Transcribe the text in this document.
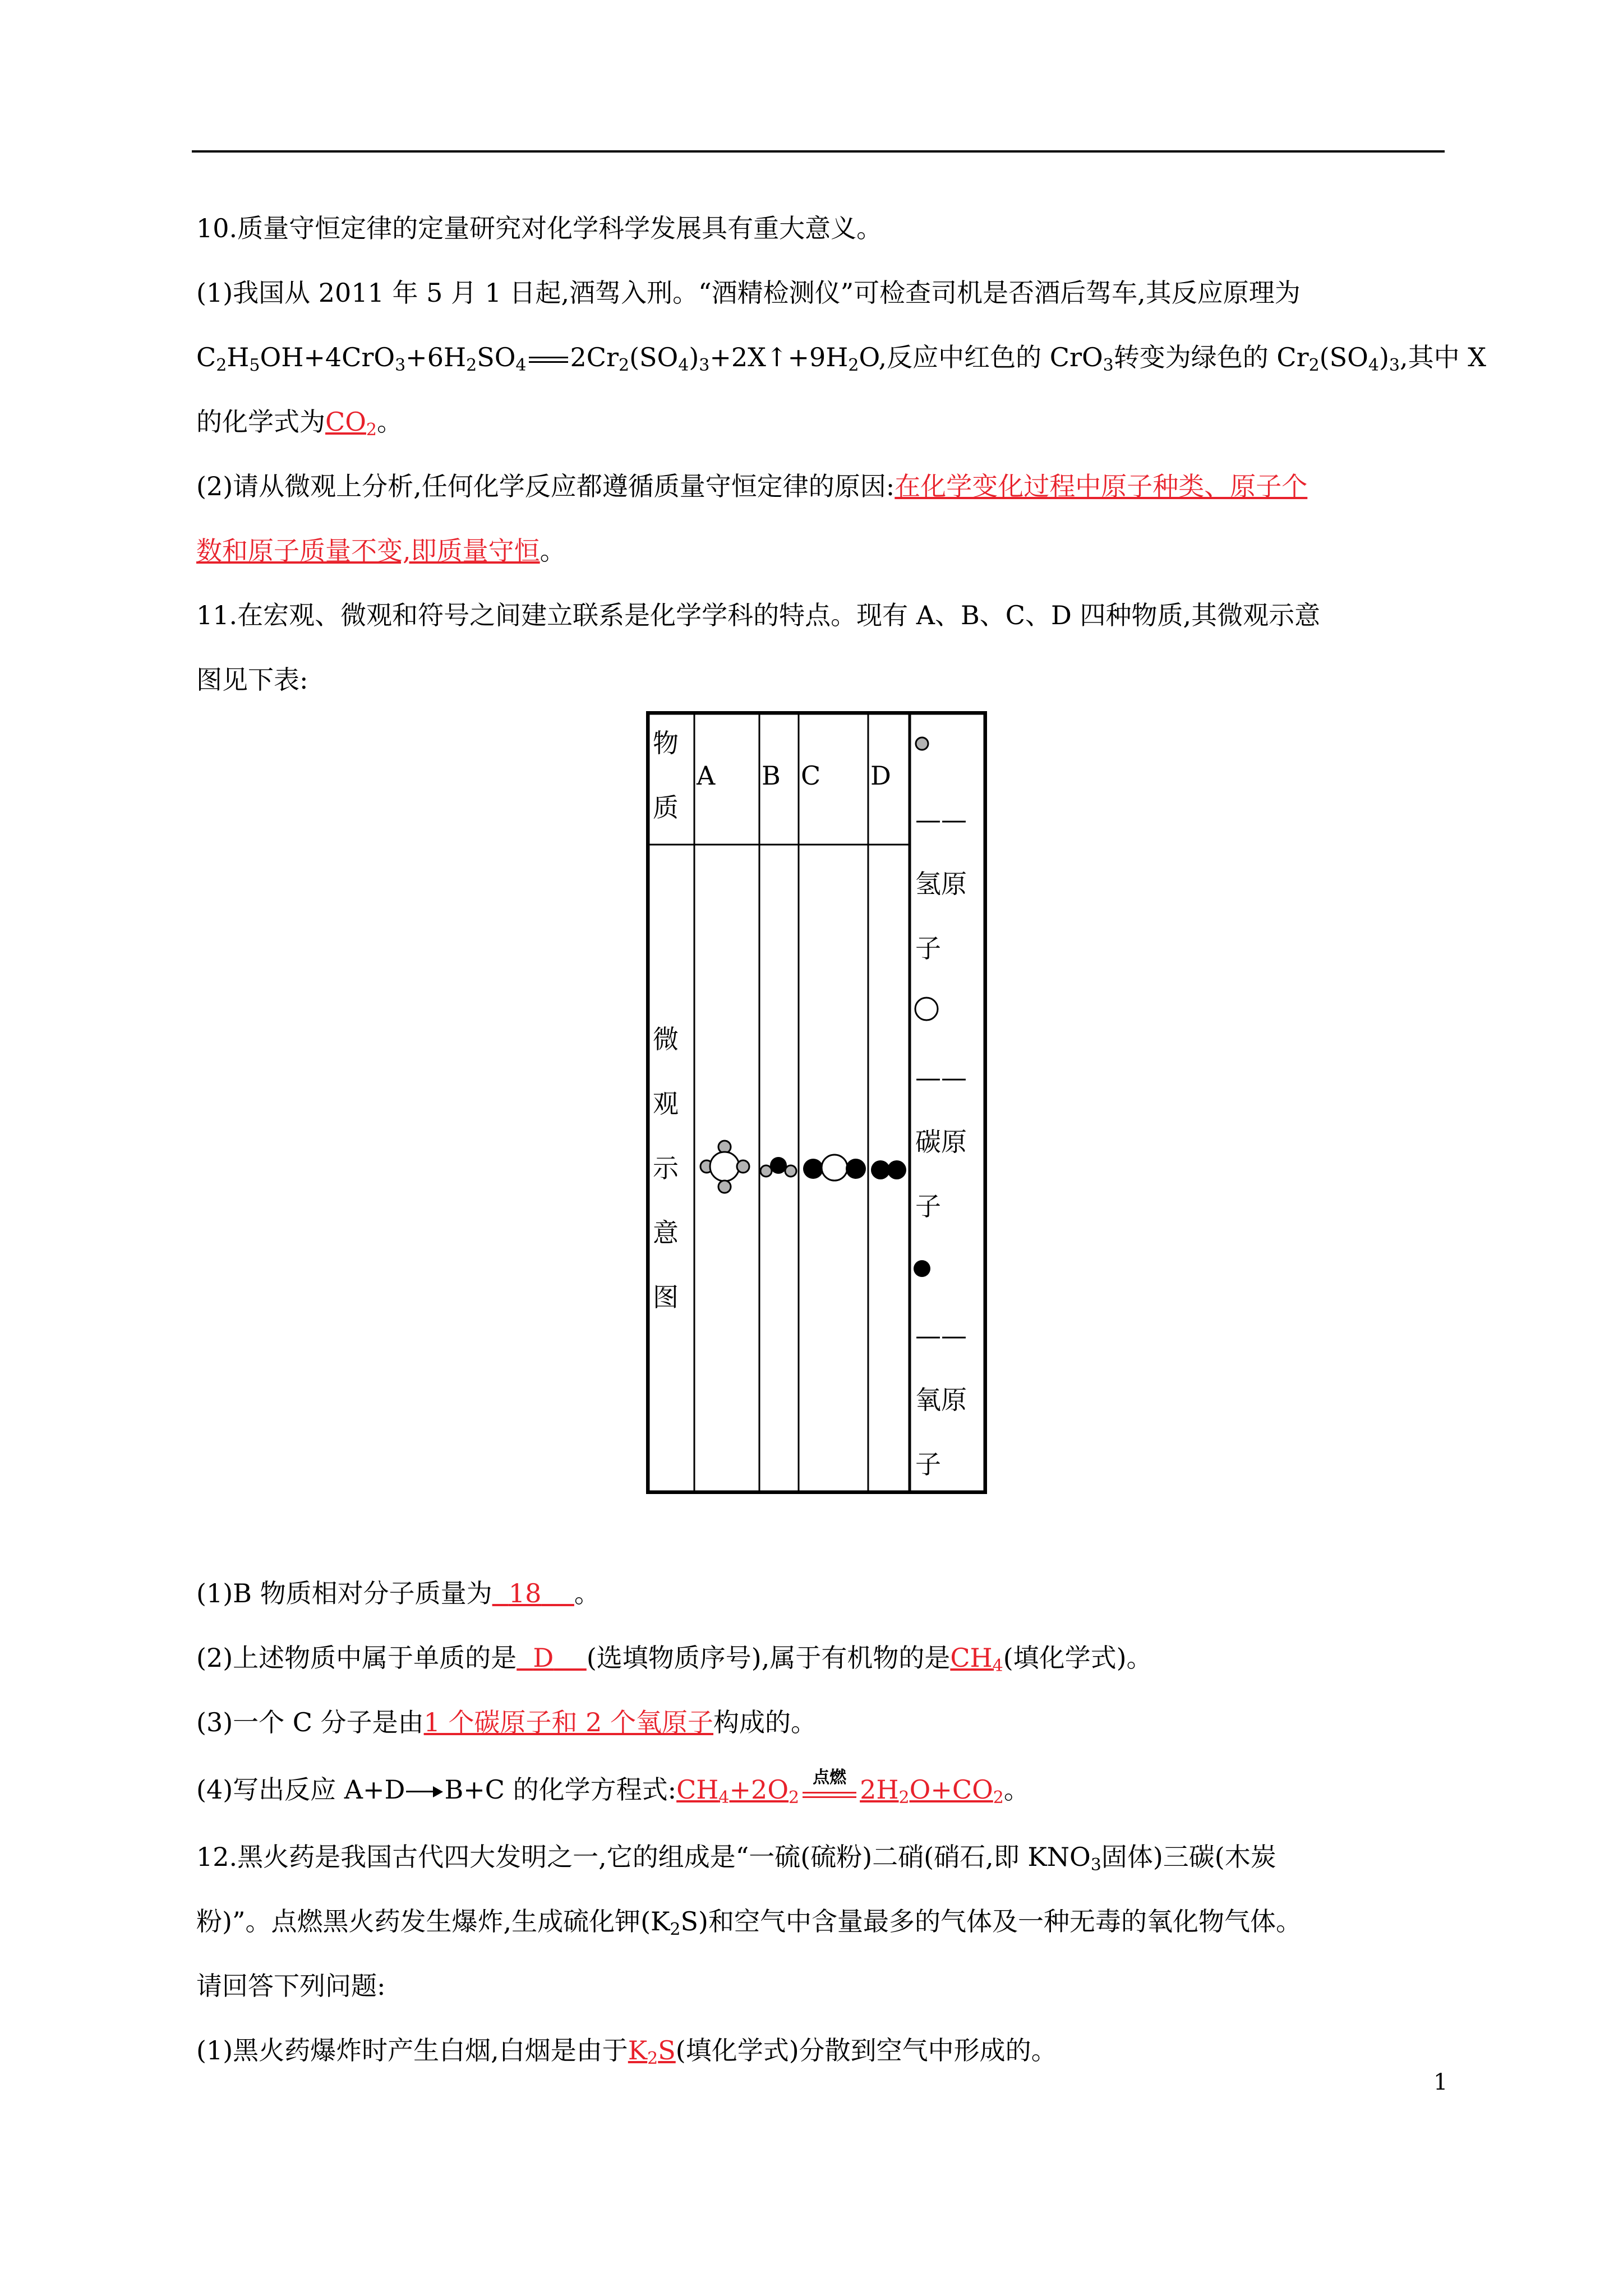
10.质量守恒定律的定量研究对化学科学发展具有重大意义。
(1)我国从 2011 年 5 月 1 日起,酒驾入刑。“酒精检测仪”可检查司机是否酒后驾车,其反应原理为
$C_2H_5OH+4CrO_3+6H_2SO_4$ $2Cr_2(SO_4)_3+2X↑+9H_2O$,反应中红色的 CrO$_3$转变为绿色的 $Cr_2(SO_4)_3$,其中 X
的化学式为$CO_2$。
(2)请从微观上分析,任何化学反应都遵循质量守恒定律的原因:在化学变化过程中原子种类、原子个
数和原子质量不变,即质量守恒。
11.在宏观、微观和符号之间建立联系是化学学科的特点。现有 A、B、C、D 四种物质,其微观示意
图见下表:
物质
A B C D
微观示意图
——
氢原子
——
碳原子
——
氧原子
(1)B 物质相对分子质量为 18 。
(2)上述物质中属于单质的是 D (选填物质序号),属于有机物的是$CH_4$(填化学式)。
(3)一个 C 分子是由1 个碳原子和 2 个氧原子构成的。
(4)写出反应 A+D B+C 的化学方程式$:CH_4+2O_2$
点燃 $2H_2O+CO_2$。
12.黑火药是我国古代四大发明之一,它的组成是“一硫(硫粉)二硝(硝石,即 $KNO_3$固体)三碳(木炭
粉)”。点燃黑火药发生爆炸,生成硫化钾$(K_2S)$和空气中含量最多的气体及一种无毒的氧化物气体。
请回答下列问题:
(1)黑火药爆炸时产生白烟,白烟是由于$K_2S$(填化学式)分散到空气中形成的。
1
